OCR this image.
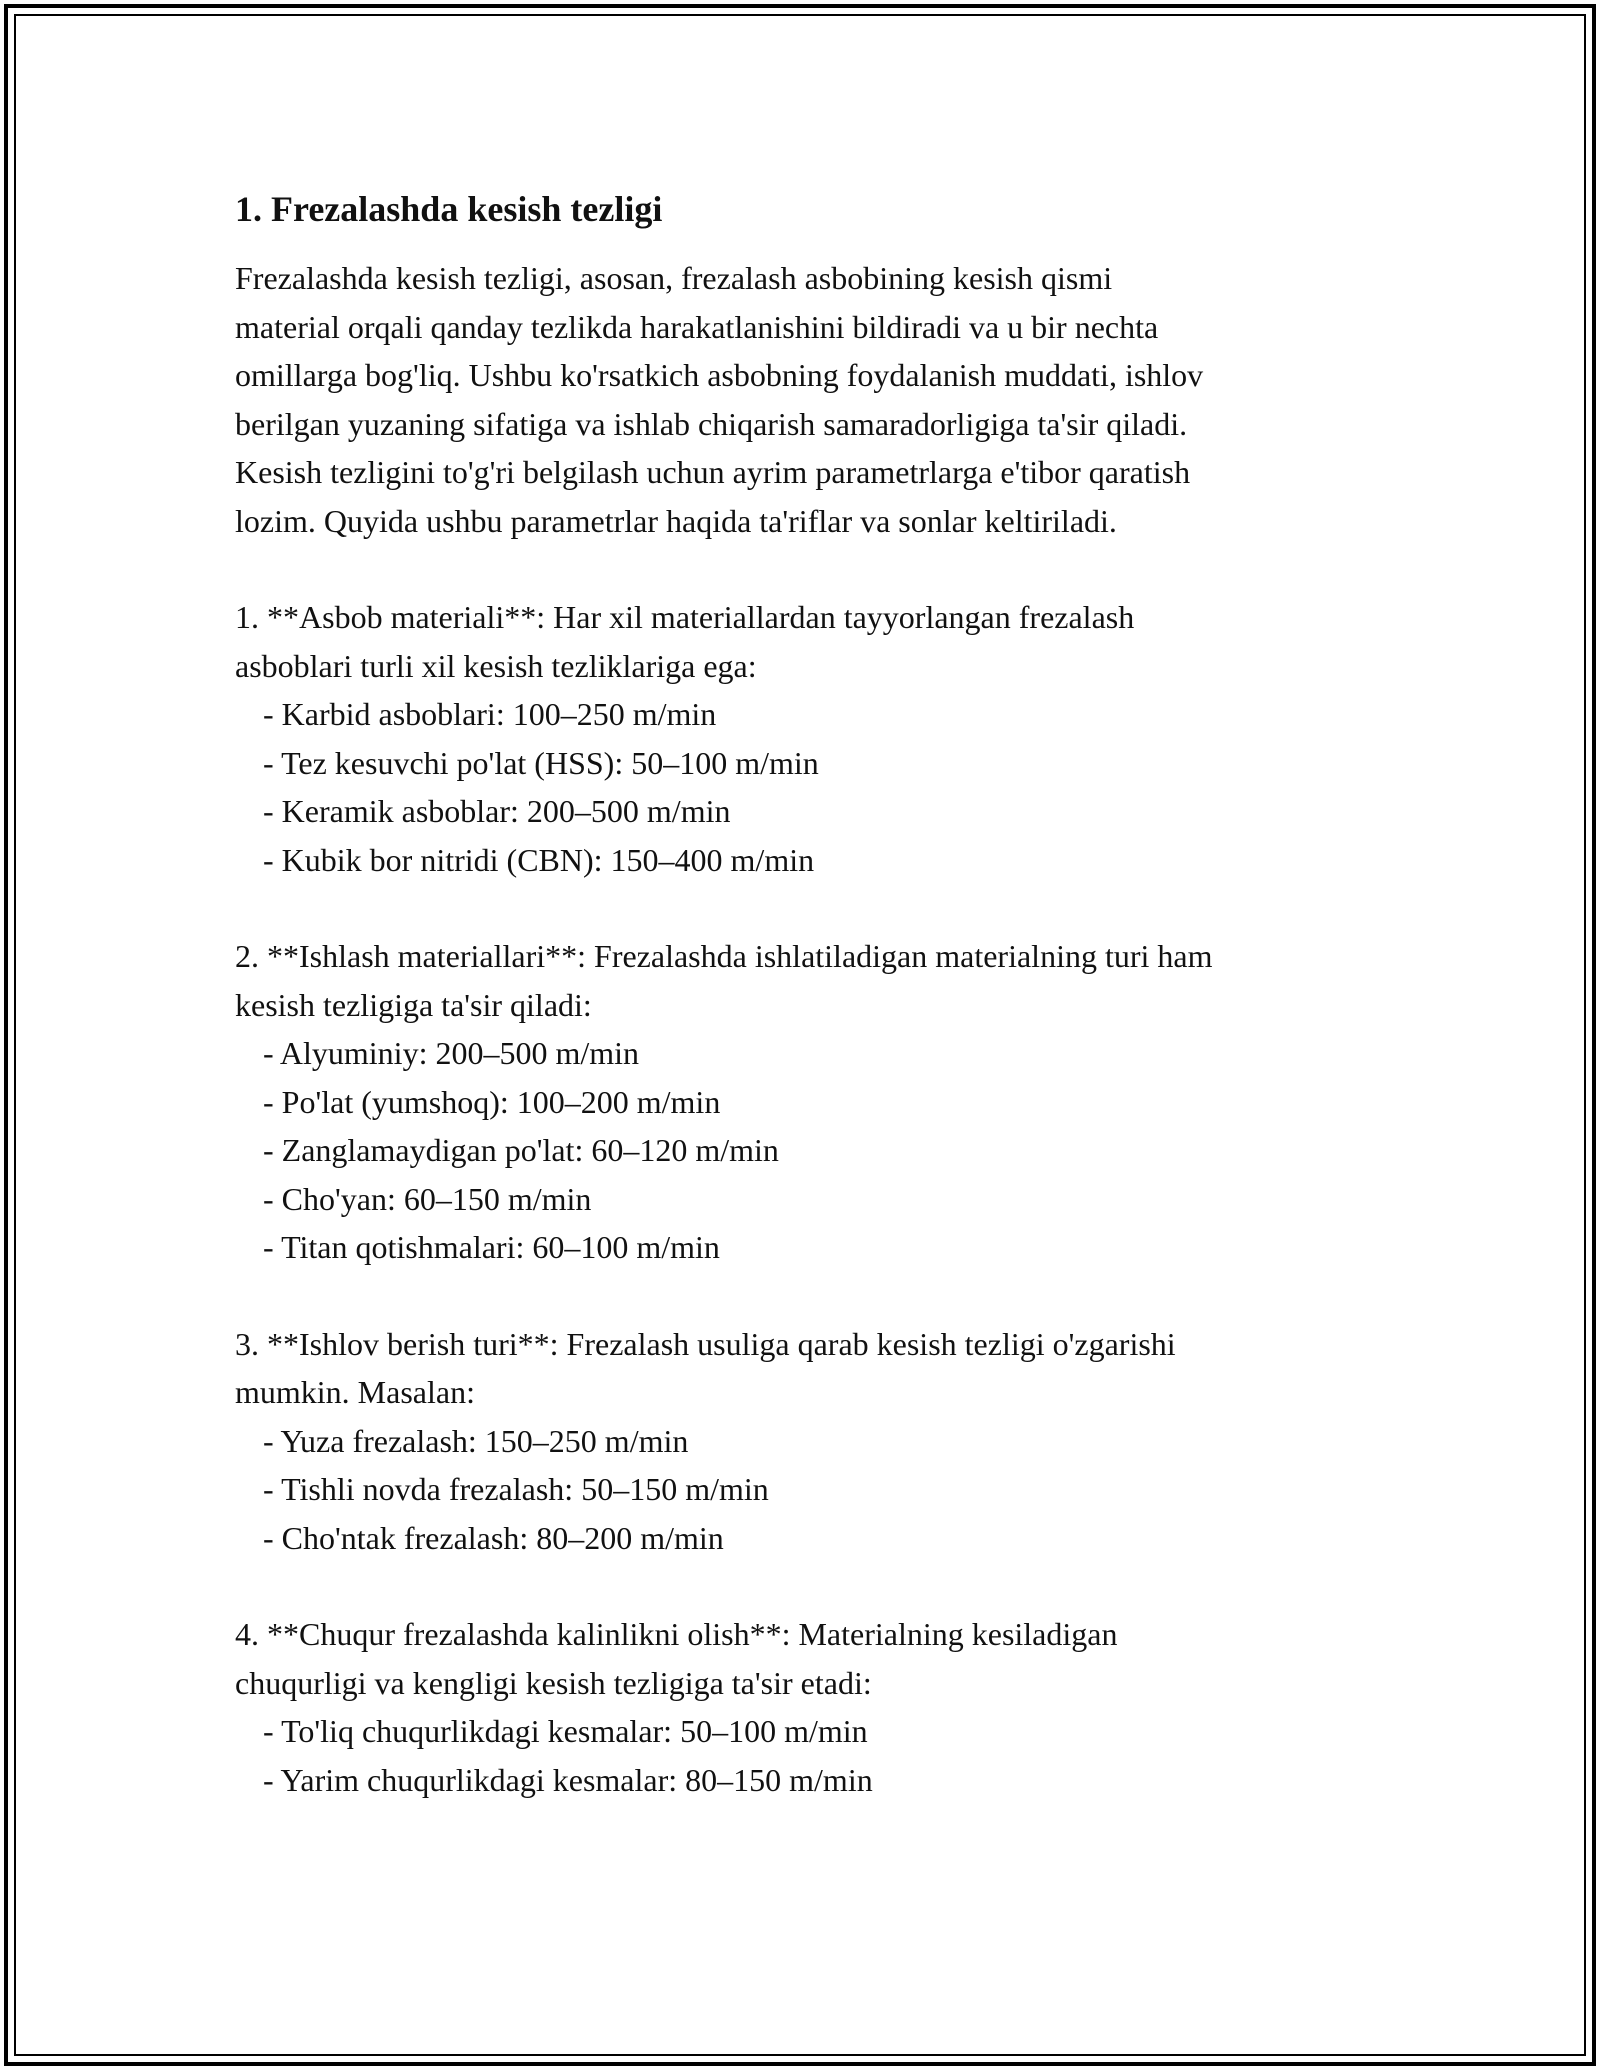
1. Frezalashda kesish tezligi

Frezalashda kesish tezligi, asosan, frezalash asbobining kesish qismi

material orqali qanday tezlikda harakatlanishini bildiradi va u bir nechta

omillarga bog'liq. Ushbu ko'rsatkich asbobning foydalanish muddati, ishlov

berilgan yuzaning sifatiga va ishlab chiqarish samaradorligiga ta'sir qiladi.

Kesish tezligini to'g'ri belgilash uchun ayrim parametrlarga e'tibor qaratish

lozim. Quyida ushbu parametrlar haqida ta'riflar va sonlar keltiriladi.

1. **Asbob materiali**: Har xil materiallardan tayyorlangan frezalash

asboblari turli xil kesish tezliklariga ega:

- Karbid asboblari: 100–250 m/min

- Tez kesuvchi po'lat (HSS): 50–100 m/min

- Keramik asboblar: 200–500 m/min

- Kubik bor nitridi (CBN): 150–400 m/min

2. **Ishlash materiallari**: Frezalashda ishlatiladigan materialning turi ham

kesish tezligiga ta'sir qiladi:

- Alyuminiy: 200–500 m/min

- Po'lat (yumshoq): 100–200 m/min

- Zanglamaydigan po'lat: 60–120 m/min

- Cho'yan: 60–150 m/min

- Titan qotishmalari: 60–100 m/min

3. **Ishlov berish turi**: Frezalash usuliga qarab kesish tezligi o'zgarishi

mumkin. Masalan:

- Yuza frezalash: 150–250 m/min

- Tishli novda frezalash: 50–150 m/min

- Cho'ntak frezalash: 80–200 m/min

4. **Chuqur frezalashda kalinlikni olish**: Materialning kesiladigan

chuqurligi va kengligi kesish tezligiga ta'sir etadi:

- To'liq chuqurlikdagi kesmalar: 50–100 m/min

- Yarim chuqurlikdagi kesmalar: 80–150 m/min
